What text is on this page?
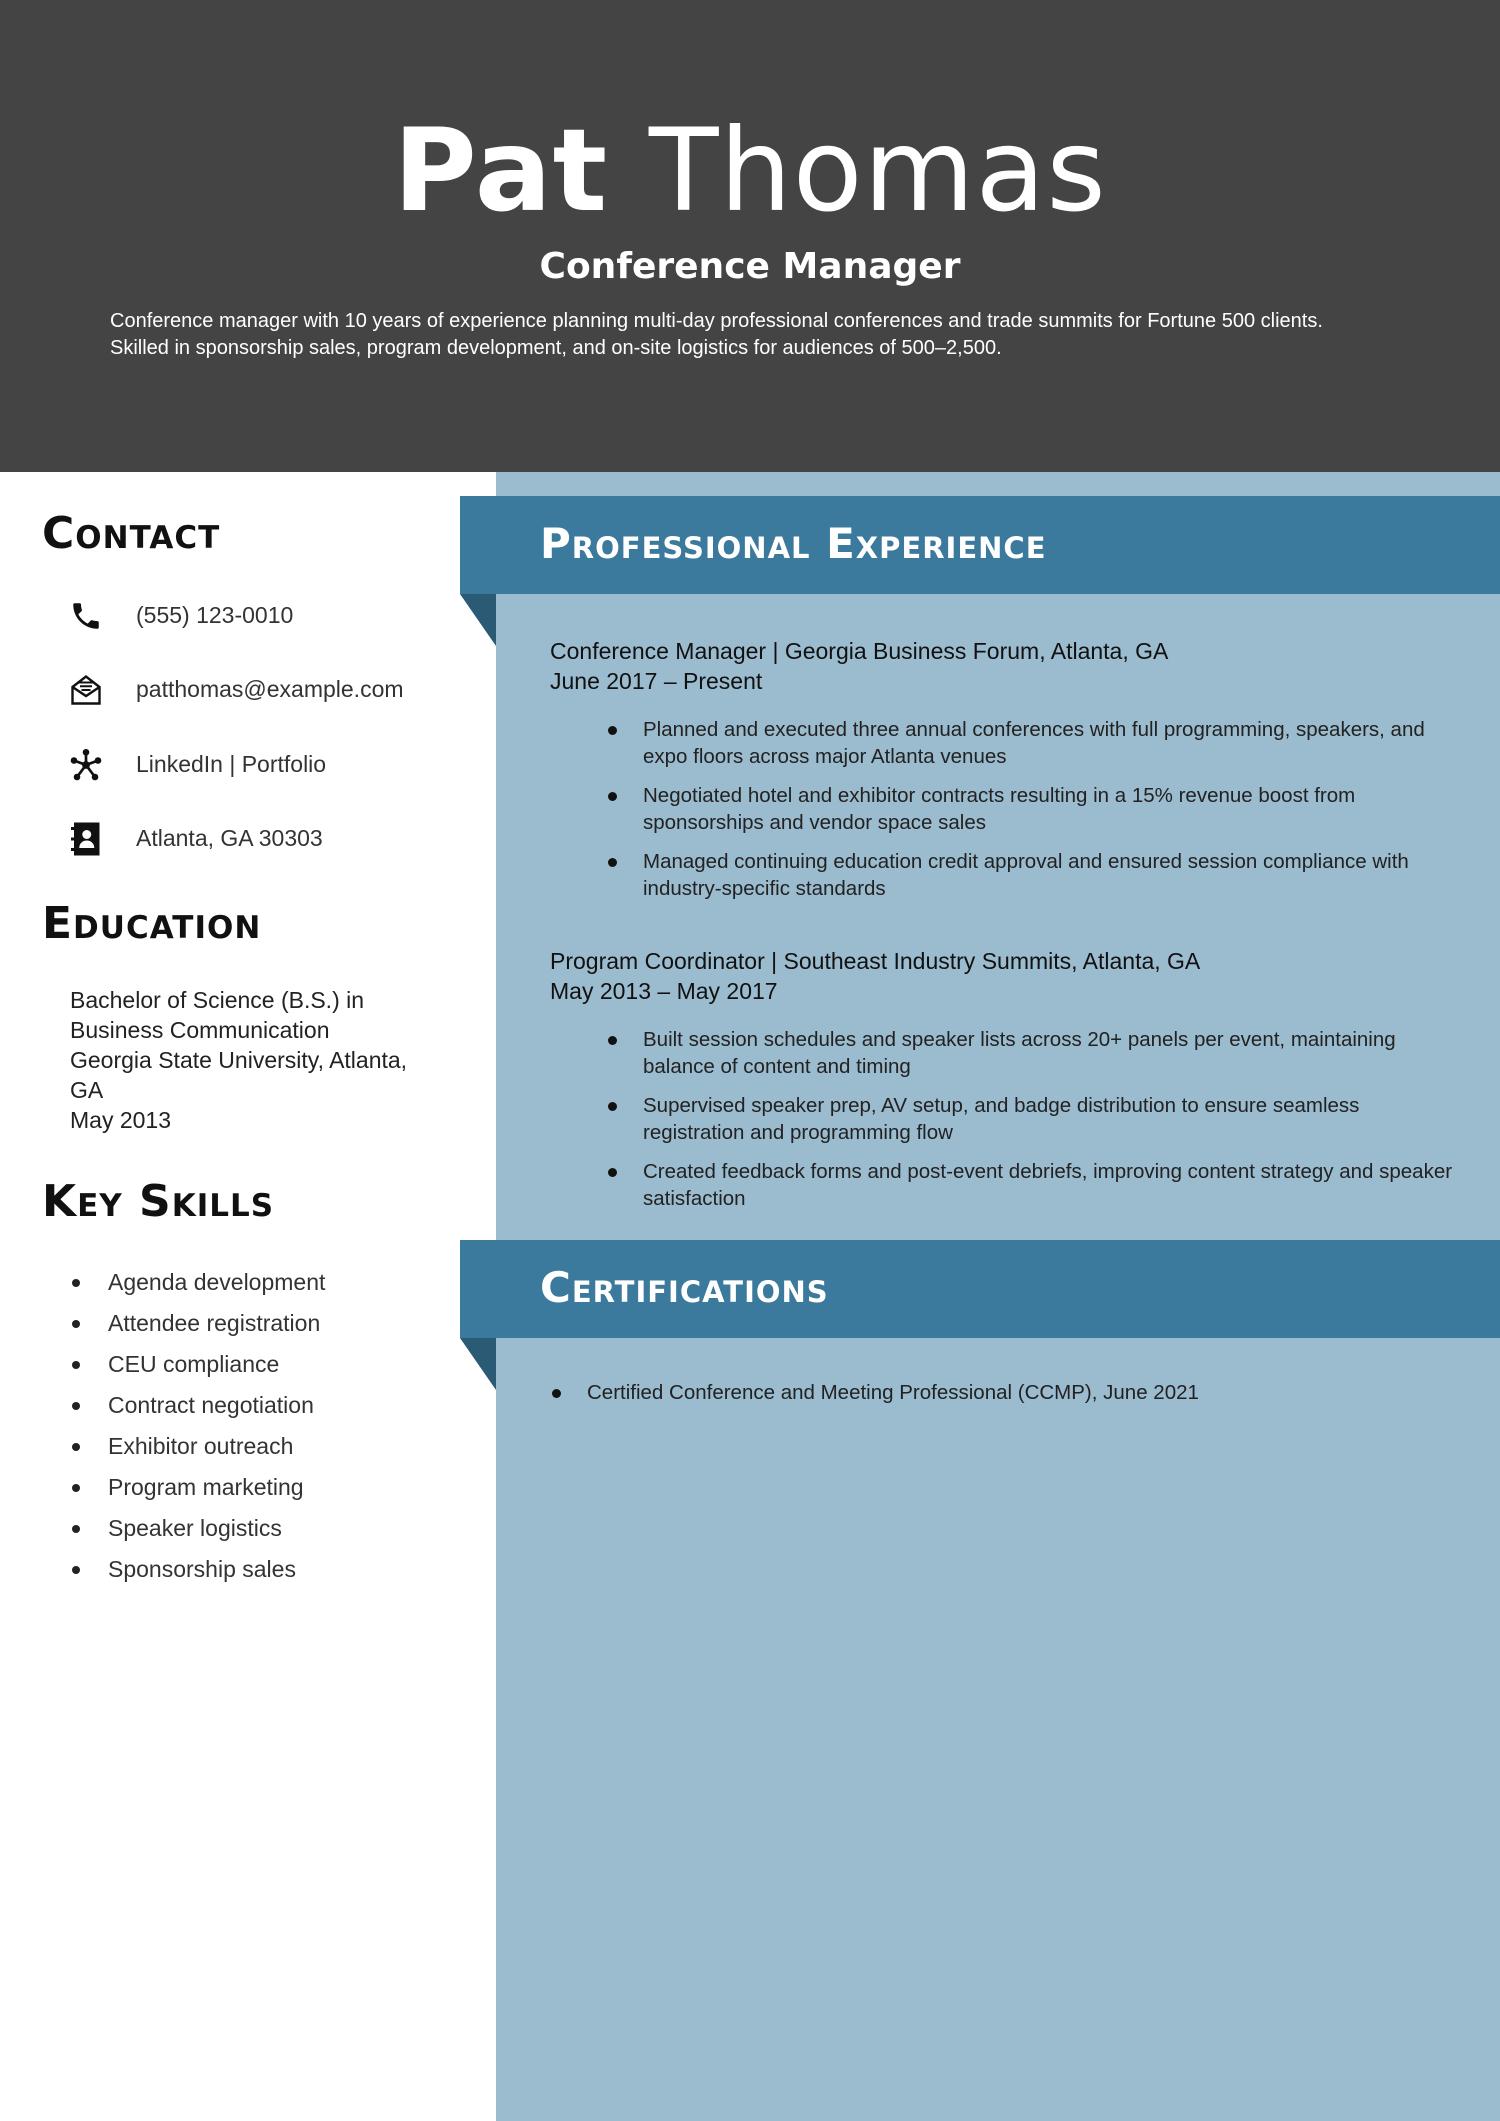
Pat Thomas
Conference Manager
Conference manager with 10 years of experience planning multi-day professional conferences and trade summits for Fortune 500 clients.
Skilled in sponsorship sales, program development, and on-site logistics for audiences of 500–2,500.
Contact
(555) 123-0010
patthomas@example.com
LinkedIn | Portfolio
Atlanta, GA 30303
Education
Bachelor of Science (B.S.) in
Business Communication
Georgia State University, Atlanta,
GA
May 2013
Key Skills
Agenda development
Attendee registration
CEU compliance
Contract negotiation
Exhibitor outreach
Program marketing
Speaker logistics
Sponsorship sales
Professional Experience
Conference Manager | Georgia Business Forum, Atlanta, GA
June 2017 – Present
Planned and executed three annual conferences with full programming, speakers, and expo floors across major Atlanta venues
Negotiated hotel and exhibitor contracts resulting in a 15% revenue boost from sponsorships and vendor space sales
Managed continuing education credit approval and ensured session compliance with industry-specific standards
Program Coordinator | Southeast Industry Summits, Atlanta, GA
May 2013 – May 2017
Built session schedules and speaker lists across 20+ panels per event, maintaining balance of content and timing
Supervised speaker prep, AV setup, and badge distribution to ensure seamless registration and programming flow
Created feedback forms and post-event debriefs, improving content strategy and speaker satisfaction
Certifications
Certified Conference and Meeting Professional (CCMP), June 2021
